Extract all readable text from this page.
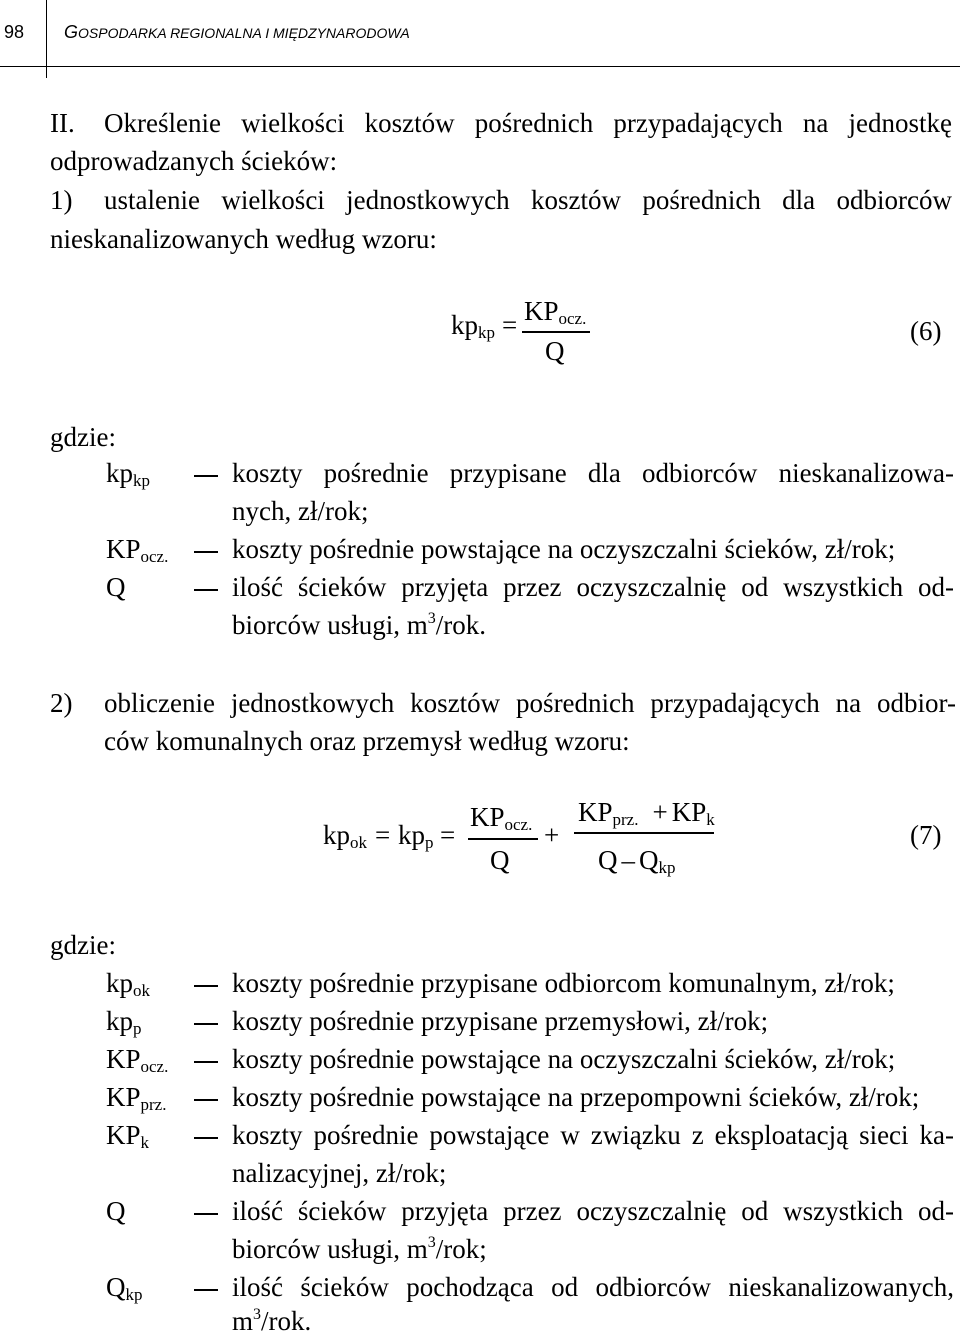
98 GOSPODARKA REGIONALNA I MIĘDZYNARODOWA
II. Określenie wielkości kosztów pośrednich przypadających na jednostkę
odprowadzanych ścieków:
1) ustalenie wielkości jednostkowych kosztów pośrednich dla odbiorców
nieskanalizowanych według wzoru:
$kp_{kp} = KP_{ocz.}$
Q
(6)
gdzie:
$kp_{kp}$	koszty pośrednie przypisane dla odbiorców nieskanalizowa-
nych, zł/rok;
$KP_{ocz.}$ koszty pośrednie powstające na oczyszczalni ścieków, zł/rok;
Q	ilość ścieków przyjęta przez oczyszczalnię od wszystkich od-
biorców usługi, $m^3$/rok.
2) obliczenie jednostkowych kosztów pośrednich przypadających na odbior-
ców komunalnych oraz przemysł według wzoru:
$kp_{ok} = kp_p$ =
$KP_{ocz.}$
Q
+
$KP_{prz.} + KP_k$
Q – $Q_{kp}$
(7)
gdzie:
$kp_{ok}$	koszty pośrednie przypisane odbiorcom komunalnym, zł/rok;
$kp_p$	koszty pośrednie przypisane przemysłowi, zł/rok;
$KP_{ocz.}$ koszty pośrednie powstające na oczyszczalni ścieków, zł/rok;
$KP_{prz.}$ koszty pośrednie powstające na przepompowni ścieków, zł/rok;
$KP_k$	koszty pośrednie powstające w związku z eksploatacją sieci ka-
nalizacyjnej, zł/rok;
Q	ilość ścieków przyjęta przez oczyszczalnię od wszystkich od-
biorców usługi, $m^3$/rok;
$Q_{kp}$	ilość ścieków pochodząca od odbiorców nieskanalizowanych,
$m^3$/rok.
